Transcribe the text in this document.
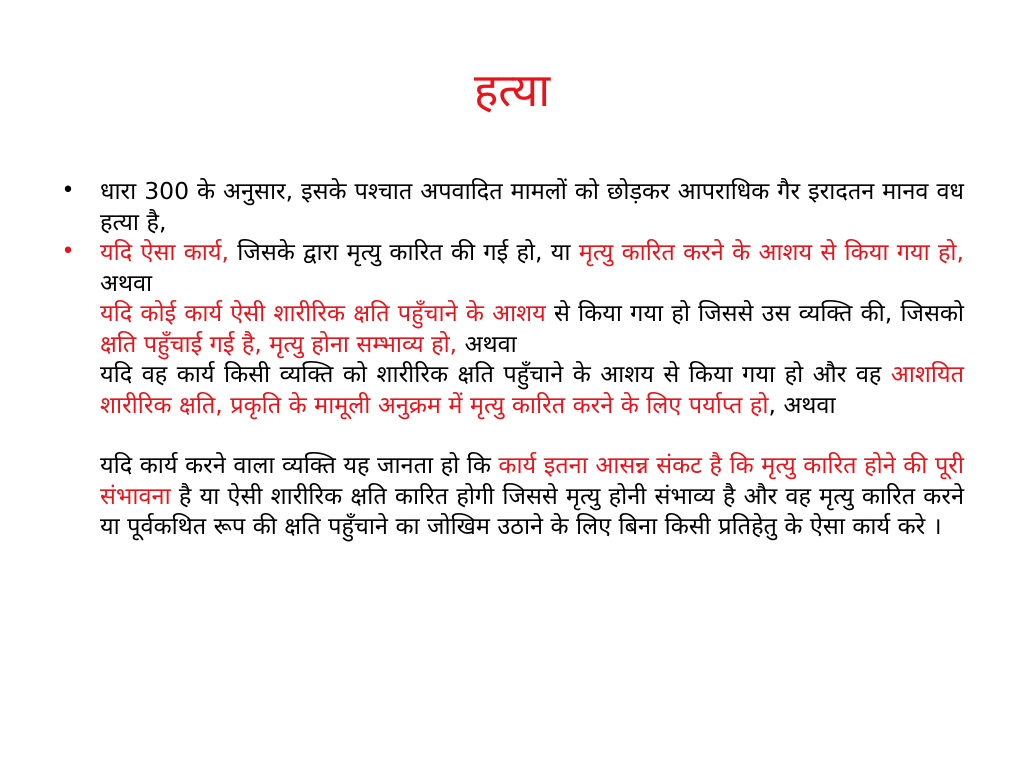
हत्या
• धारा 300 के अनुसार, इसके पश्चात अपवादित मामलों को छोड़कर आपराधिक गैर इरादतन मानव वध हत्या है,
• यदि ऐसा कार्य, जिसके द्वारा मृत्यु कारित की गई हो, या मृत्यु कारित करने के आशय से किया गया हो, अथवा
यदि कोई कार्य ऐसी शारीरिक क्षति पहुँचाने के आशय से किया गया हो जिससे उस व्यक्ति की, जिसको क्षति पहुँचाई गई है, मृत्यु होना सम्भाव्य हो, अथवा
यदि वह कार्य किसी व्यक्ति को शारीरिक क्षति पहुँचाने के आशय से किया गया हो और वह आशयित शारीरिक क्षति, प्रकृति के मामूली अनुक्रम में मृत्यु कारित करने के लिए पर्याप्त हो, अथवा
यदि कार्य करने वाला व्यक्ति यह जानता हो कि कार्य इतना आसन्न संकट है कि मृत्यु कारित होने की पूरी संभावना है या ऐसी शारीरिक क्षति कारित होगी जिससे मृत्यु होनी संभाव्य है और वह मृत्यु कारित करने या पूर्वकथित रूप की क्षति पहुँचाने का जोखिम उठाने के लिए बिना किसी प्रतिहेतु के ऐसा कार्य करे ।
